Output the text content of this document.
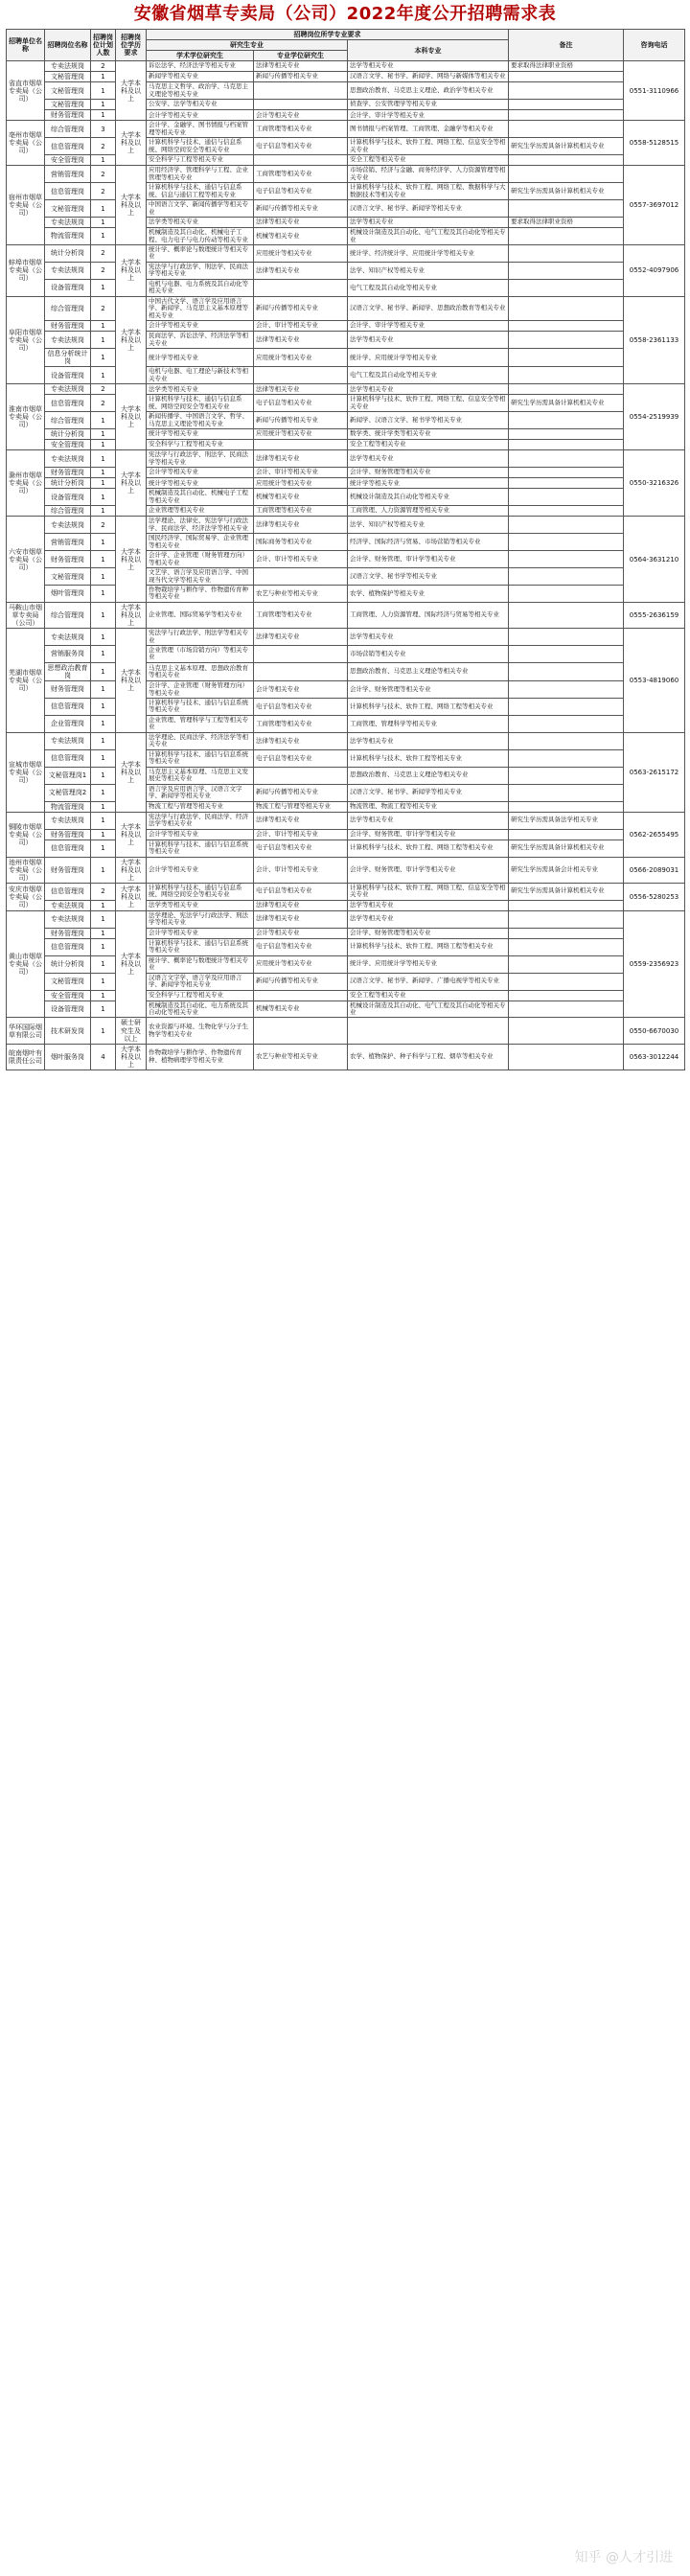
安徽省烟草专卖局（公司）2022年度公开招聘需求表
招聘单位名称	招聘岗位名称	招聘岗位计划人数	招聘岗位学历要求	招聘岗位所学专业要求			备注	咨询电话
				研究生专业		本科专业		
				学术学位研究生	专业学位研究生			
省直市烟草专卖局（公司）	专卖法规岗	2	大学本科及以上	诉讼法学、经济法学等相关专业	法律等相关专业	法学等相关专业	要求取得法律职业资格	0551-3110966
	文秘管理岗	1		新闻学等相关专业	新闻与传播等相关专业	汉语言文学、秘书学、新闻学、网络与新媒体等相关专业		
	文秘管理岗	1		马克思主义哲学、政治学、马克思主义理论等相关专业		思想政治教育、马克思主义理论、政治学等相关专业		
	文秘管理岗	1		公安学、法学等相关专业		侦查学、公安管理学等相关专业		
	财务管理岗	1		会计学等相关专业	会计等相关专业	会计学、审计学等相关专业		
亳州市烟草专卖局（公司）	综合管理岗	3	大学本科及以上	会计学、金融学、图书情报与档案管理等相关专业	工商管理等相关专业	图书情报与档案管理、工商管理、金融学等相关专业		0558-5128515
	信息管理岗	2		计算机科学与技术、通信与信息系统、网络空间安全等相关专业	电子信息等相关专业	计算机科学与技术、软件工程、网络工程、信息安全等相关专业	研究生学历需具备计算机相关专业	
	安全管理岗	1		安全科学与工程等相关专业		安全工程等相关专业		
宿州市烟草专卖局（公司）	营销管理岗	2	大学本科及以上	应用经济学、管理科学与工程、企业管理等相关专业	工商管理等相关专业	市场营销、经济与金融、商务经济学、人力资源管理等相关专业		0557-3697012
	信息管理岗	2		计算机科学与技术、通信与信息系统、信息与通信工程等相关专业	电子信息等相关专业	计算机科学与技术、软件工程、网络工程、数据科学与大数据技术等相关专业	研究生学历需具备计算机相关专业	
	文秘管理岗	1		中国语言文学、新闻传播学等相关专业	新闻与传播等相关专业	汉语言文学、秘书学、新闻学等相关专业		
	专卖法规岗	1		法学类等相关专业	法律等相关专业	法学等相关专业	要求取得法律职业资格	
	物流管理岗	1		机械制造及其自动化、机械电子工程、电力电子与电力传动等相关专业	机械等相关专业	机械设计制造及其自动化、电气工程及其自动化等相关专业		
蚌埠市烟草专卖局（公司）	统计分析岗	2	大学本科及以上	统计学、概率论与数理统计等相关专业	应用统计等相关专业	统计学、经济统计学、应用统计学等相关专业		0552-4097906
	专卖法规岗	2		宪法学与行政法学、刑法学、民商法学等相关专业	法律等相关专业	法学、知识产权等相关专业		
	设备管理岗	1		电机与电器、电力系统及其自动化等相关专业		电气工程及其自动化等相关专业		
阜阳市烟草专卖局（公司）	综合管理岗	2	大学本科及以上	中国古代文学、语言学及应用语言学、新闻学、马克思主义基本原理等相关专业	新闻与传播等相关专业	汉语言文学、秘书学、新闻学、思想政治教育等相关专业		0558-2361133
	财务管理岗	1		会计学等相关专业	会计、审计等相关专业	会计学、审计学等相关专业		
	专卖法规岗	1		民商法学、诉讼法学、经济法学等相关专业	法律等相关专业	法学等相关专业		
	信息分析统计岗	1		统计学等相关专业	应用统计等相关专业	统计学、应用统计学等相关专业		
	设备管理岗	1		电机与电器、电工理论与新技术等相关专业		电气工程及其自动化等相关专业		
淮南市烟草专卖局（公司）	专卖法规岗	2	大学本科及以上	法学类等相关专业	法律等相关专业	法学等相关专业		0554-2519939
	信息管理岗	2		计算机科学与技术、通信与信息系统、网络空间安全等相关专业	电子信息等相关专业	计算机科学与技术、软件工程、网络工程、信息安全等相关专业	研究生学历需具备计算机相关专业	
	综合管理岗	1		新闻传播学、中国语言文学、哲学、马克思主义理论等相关专业	新闻与传播等相关专业	新闻学、汉语言文学、秘书学等相关专业		
	统计分析岗	1		统计学等相关专业	应用统计等相关专业	数学类、统计学类等相关专业		
	安全管理岗	1		安全科学与工程等相关专业		安全工程等相关专业		
滁州市烟草专卖局（公司）	专卖法规岗	1	大学本科及以上	宪法学与行政法学、刑法学、民商法学等相关专业	法律等相关专业	法学等相关专业		0550-3216326
	财务管理岗	1		会计学等相关专业	会计、审计等相关专业	会计学、财务管理等相关专业		
	统计分析岗	1		统计学等相关专业	应用统计等相关专业	统计学等相关专业		
	设备管理岗	1		机械制造及其自动化、机械电子工程等相关专业	机械等相关专业	机械设计制造及其自动化等相关专业		
	综合管理岗	1		企业管理等相关专业	工商管理等相关专业	工商管理、人力资源管理等相关专业		
六安市烟草专卖局（公司）	专卖法规岗	2	大学本科及以上	法学理论、法律史、宪法学与行政法学、民商法学、经济法学等相关专业	法律等相关专业	法学、知识产权等相关专业		0564-3631210
	营销管理岗	1		国民经济学、国际贸易学、企业管理等相关专业	国际商务等相关专业	经济学、国际经济与贸易、市场营销等相关专业		
	财务管理岗	1		会计学、企业管理（财务管理方向）等相关专业	会计、审计等相关专业	会计学、财务管理、审计学等相关专业		
	文秘管理岗	1		文艺学、语言学及应用语言学、中国现当代文学等相关专业		汉语言文学、秘书学等相关专业		
	烟叶管理岗	1		作物栽培学与耕作学、作物遗传育种等相关专业	农艺与种业等相关专业	农学、植物保护等相关专业		
马鞍山市烟草专卖局（公司）	综合管理岗	1	大学本科及以上	企业管理、国际贸易学等相关专业	工商管理等相关专业	工商管理、人力资源管理、国际经济与贸易等相关专业		0555-2636159
芜湖市烟草专卖局（公司）	专卖法规岗	1	大学本科及以上	宪法学与行政法学、刑法学等相关专业	法律等相关专业	法学等相关专业		0553-4819060
	营销服务岗	1		企业管理（市场营销方向）等相关专业		市场营销等相关专业		
	思想政治教育岗	1		马克思主义基本原理、思想政治教育等相关专业		思想政治教育、马克思主义理论等相关专业		
	财务管理岗	1		会计学、企业管理（财务管理方向）等相关专业	会计等相关专业	会计学、财务管理等相关专业		
	信息管理岗	1		计算机科学与技术、通信与信息系统等相关专业	电子信息等相关专业	计算机科学与技术、软件工程、网络工程等相关专业		
	企业管理岗	1		企业管理、管理科学与工程等相关专业	工商管理等相关专业	工商管理、管理科学等相关专业		
宣城市烟草专卖局（公司）	专卖法规岗	1	大学本科及以上	法学理论、民商法学、经济法学等相关专业	法律等相关专业	法学等相关专业		0563-2615172
	信息管理岗	1		计算机科学与技术、通信与信息系统等相关专业	电子信息等相关专业	计算机科学与技术、软件工程等相关专业		
	文秘管理岗1	1		马克思主义基本原理、马克思主义发展史等相关专业		思想政治教育、马克思主义理论等相关专业		
	文秘管理岗2	1		语言学及应用语言学、汉语言文字学、新闻学等相关专业	新闻与传播等相关专业	汉语言文学、秘书学、新闻学等相关专业		
	物流管理岗	1		物流工程与管理等相关专业	物流工程与管理等相关专业	物流管理、物流工程等相关专业		
铜陵市烟草专卖局（公司）	专卖法规岗	1	大学本科及以上	宪法学与行政法学、民商法学、经济法学等相关专业	法律等相关专业	法学等相关专业	研究生学历需具备法学相关专业	0562-2655495
	财务管理岗	1		会计学等相关专业	会计、审计等相关专业	会计学、财务管理、审计学等相关专业		
	信息管理岗	1		计算机科学与技术、通信与信息系统等相关专业	电子信息等相关专业	计算机科学与技术、软件工程、网络工程等相关专业	研究生学历需具备计算机相关专业	
池州市烟草专卖局（公司）	财务管理岗	1	大学本科及以上	会计学等相关专业	会计、审计等相关专业	会计学、财务管理、审计学等相关专业	研究生学历需具备会计相关专业	0566-2089031
安庆市烟草专卖局（公司）	信息管理岗	2	大学本科及以上	计算机科学与技术、通信与信息系统、网络空间安全等相关专业	电子信息等相关专业	计算机科学与技术、软件工程、网络工程、信息安全等相关专业	研究生学历需具备计算机相关专业	0556-5280253
	专卖法规岗	1		法学类等相关专业	法律等相关专业	法学等相关专业		
黄山市烟草专卖局（公司）	专卖法规岗	1	大学本科及以上	法学理论、宪法学与行政法学、刑法学等相关专业	法律等相关专业	法学等相关专业		0559-2356923
	财务管理岗	1		会计学等相关专业	会计等相关专业	会计学、财务管理等相关专业		
	信息管理岗	1		计算机科学与技术、通信与信息系统等相关专业	电子信息等相关专业	计算机科学与技术、软件工程、网络工程等相关专业		
	统计分析岗	1		统计学、概率论与数理统计等相关专业	应用统计等相关专业	统计学、应用统计学等相关专业		
	文秘管理岗	1		汉语言文字学、语言学及应用语言学、新闻学等相关专业	新闻与传播等相关专业	汉语言文学、秘书学、新闻学、广播电视学等相关专业		
	安全管理岗	1		安全科学与工程等相关专业		安全工程等相关专业		
	设备管理岗	1		机械制造及其自动化、电力系统及其自动化等相关专业	机械等相关专业	机械设计制造及其自动化、电气工程及其自动化等相关专业		
华环国际烟草有限公司	技术研发岗	1	硕士研究生及以上	农业资源与环境、生物化学与分子生物学等相关专业				0550-6670030
皖南烟叶有限责任公司	烟叶服务岗	4	大学本科及以上	作物栽培学与耕作学、作物遗传育种、植物病理学等相关专业	农艺与种业等相关专业	农学、植物保护、种子科学与工程、烟草等相关专业		0563-3012244
知乎 @人才引进
